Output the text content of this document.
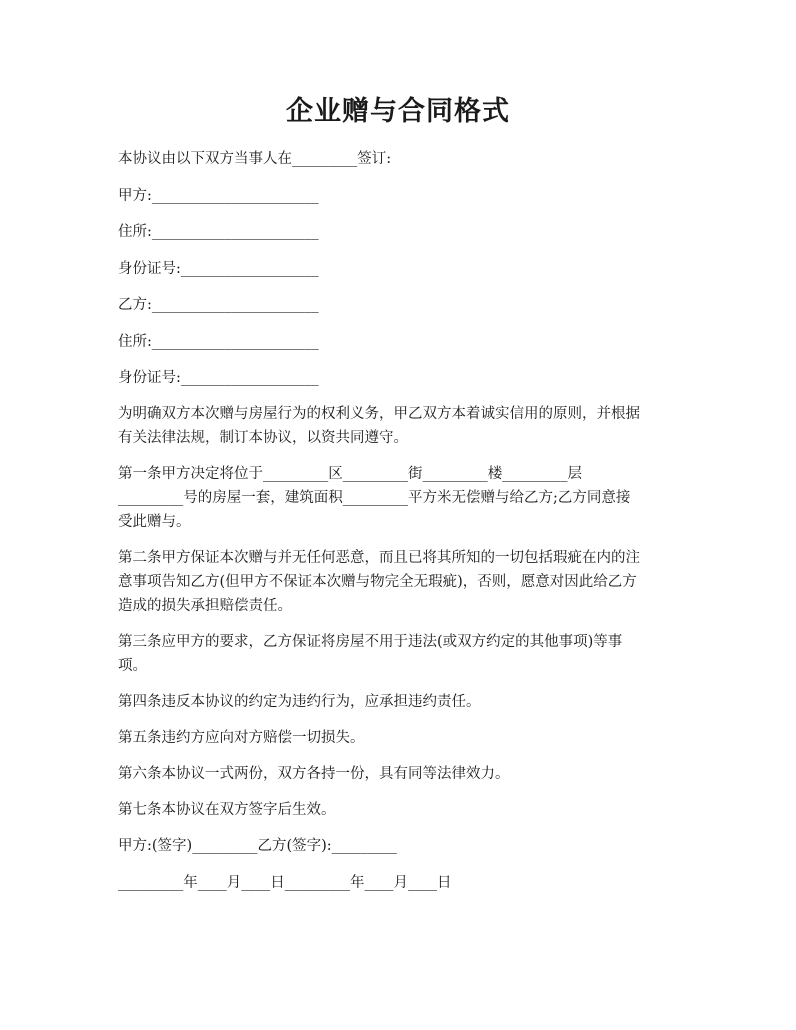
企业赠与合同格式
本协议由以下双方当事人在_________签订:
甲方:_______________________
住所:_______________________
身份证号:___________________
乙方:_______________________
住所:_______________________
身份证号:___________________
为明确双方本次赠与房屋行为的权利义务，甲乙双方本着诚实信用的原则，并根据
有关法律法规，制订本协议，以资共同遵守。
第一条甲方决定将位于_________区_________街_________楼_________层
_________号的房屋一套，建筑面积_________平方米无偿赠与给乙方;乙方同意接
受此赠与。
第二条甲方保证本次赠与并无任何恶意，而且已将其所知的一切包括瑕疵在内的注
意事项告知乙方(但甲方不保证本次赠与物完全无瑕疵)，否则，愿意对因此给乙方
造成的损失承担赔偿责任。
第三条应甲方的要求，乙方保证将房屋不用于违法(或双方约定的其他事项)等事
项。
第四条违反本协议的约定为违约行为，应承担违约责任。
第五条违约方应向对方赔偿一切损失。
第六条本协议一式两份，双方各持一份，具有同等法律效力。
第七条本协议在双方签字后生效。
甲方:(签字)_________乙方(签字):_________
_________年____月____日_________年____月____日
